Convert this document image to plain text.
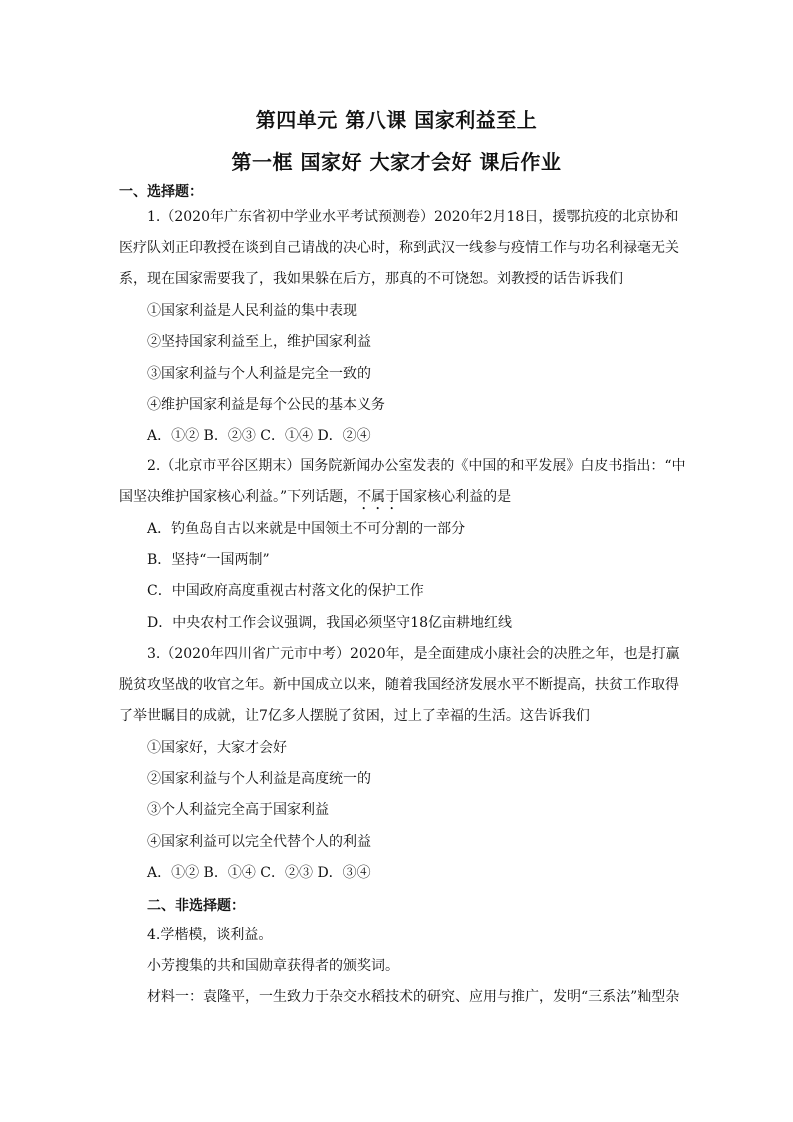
第四单元 第八课 国家利益至上
第一框 国家好 大家才会好 课后作业
一、选择题：
1.（2020年广东省初中学业水平考试预测卷）2020年2月18日，援鄂抗疫的北京协和
医疗队刘正印教授在谈到自己请战的决心时，称到武汉一线参与疫情工作与功名利禄毫无关
系，现在国家需要我了，我如果躲在后方，那真的不可饶恕。刘教授的话告诉我们
①国家利益是人民利益的集中表现
②坚持国家利益至上，维护国家利益
③国家利益与个人利益是完全一致的
④维护国家利益是每个公民的基本义务
A．①② B．②③ C．①④ D．②④
2.（北京市平谷区期末）国务院新闻办公室发表的《中国的和平发展》白皮书指出：“中
国坚决维护国家核心利益。”下列话题，不属于国家核心利益的是
A．钓鱼岛自古以来就是中国领土不可分割的一部分
B．坚持“一国两制”
C．中国政府高度重视古村落文化的保护工作
D．中央农村工作会议强调，我国必须坚守18亿亩耕地红线
3.（2020年四川省广元市中考）2020年，是全面建成小康社会的决胜之年，也是打赢
脱贫攻坚战的收官之年。新中国成立以来，随着我国经济发展水平不断提高，扶贫工作取得
了举世瞩目的成就，让7亿多人摆脱了贫困，过上了幸福的生活。这告诉我们
①国家好，大家才会好
②国家利益与个人利益是高度统一的
③个人利益完全高于国家利益
④国家利益可以完全代替个人的利益
A．①② B．①④ C．②③ D．③④
二、非选择题：
4.学楷模，谈利益。
小芳搜集的共和国勋章获得者的颁奖词。
材料一：袁隆平，一生致力于杂交水稻技术的研究、应用与推广，发明“三系法”籼型杂
